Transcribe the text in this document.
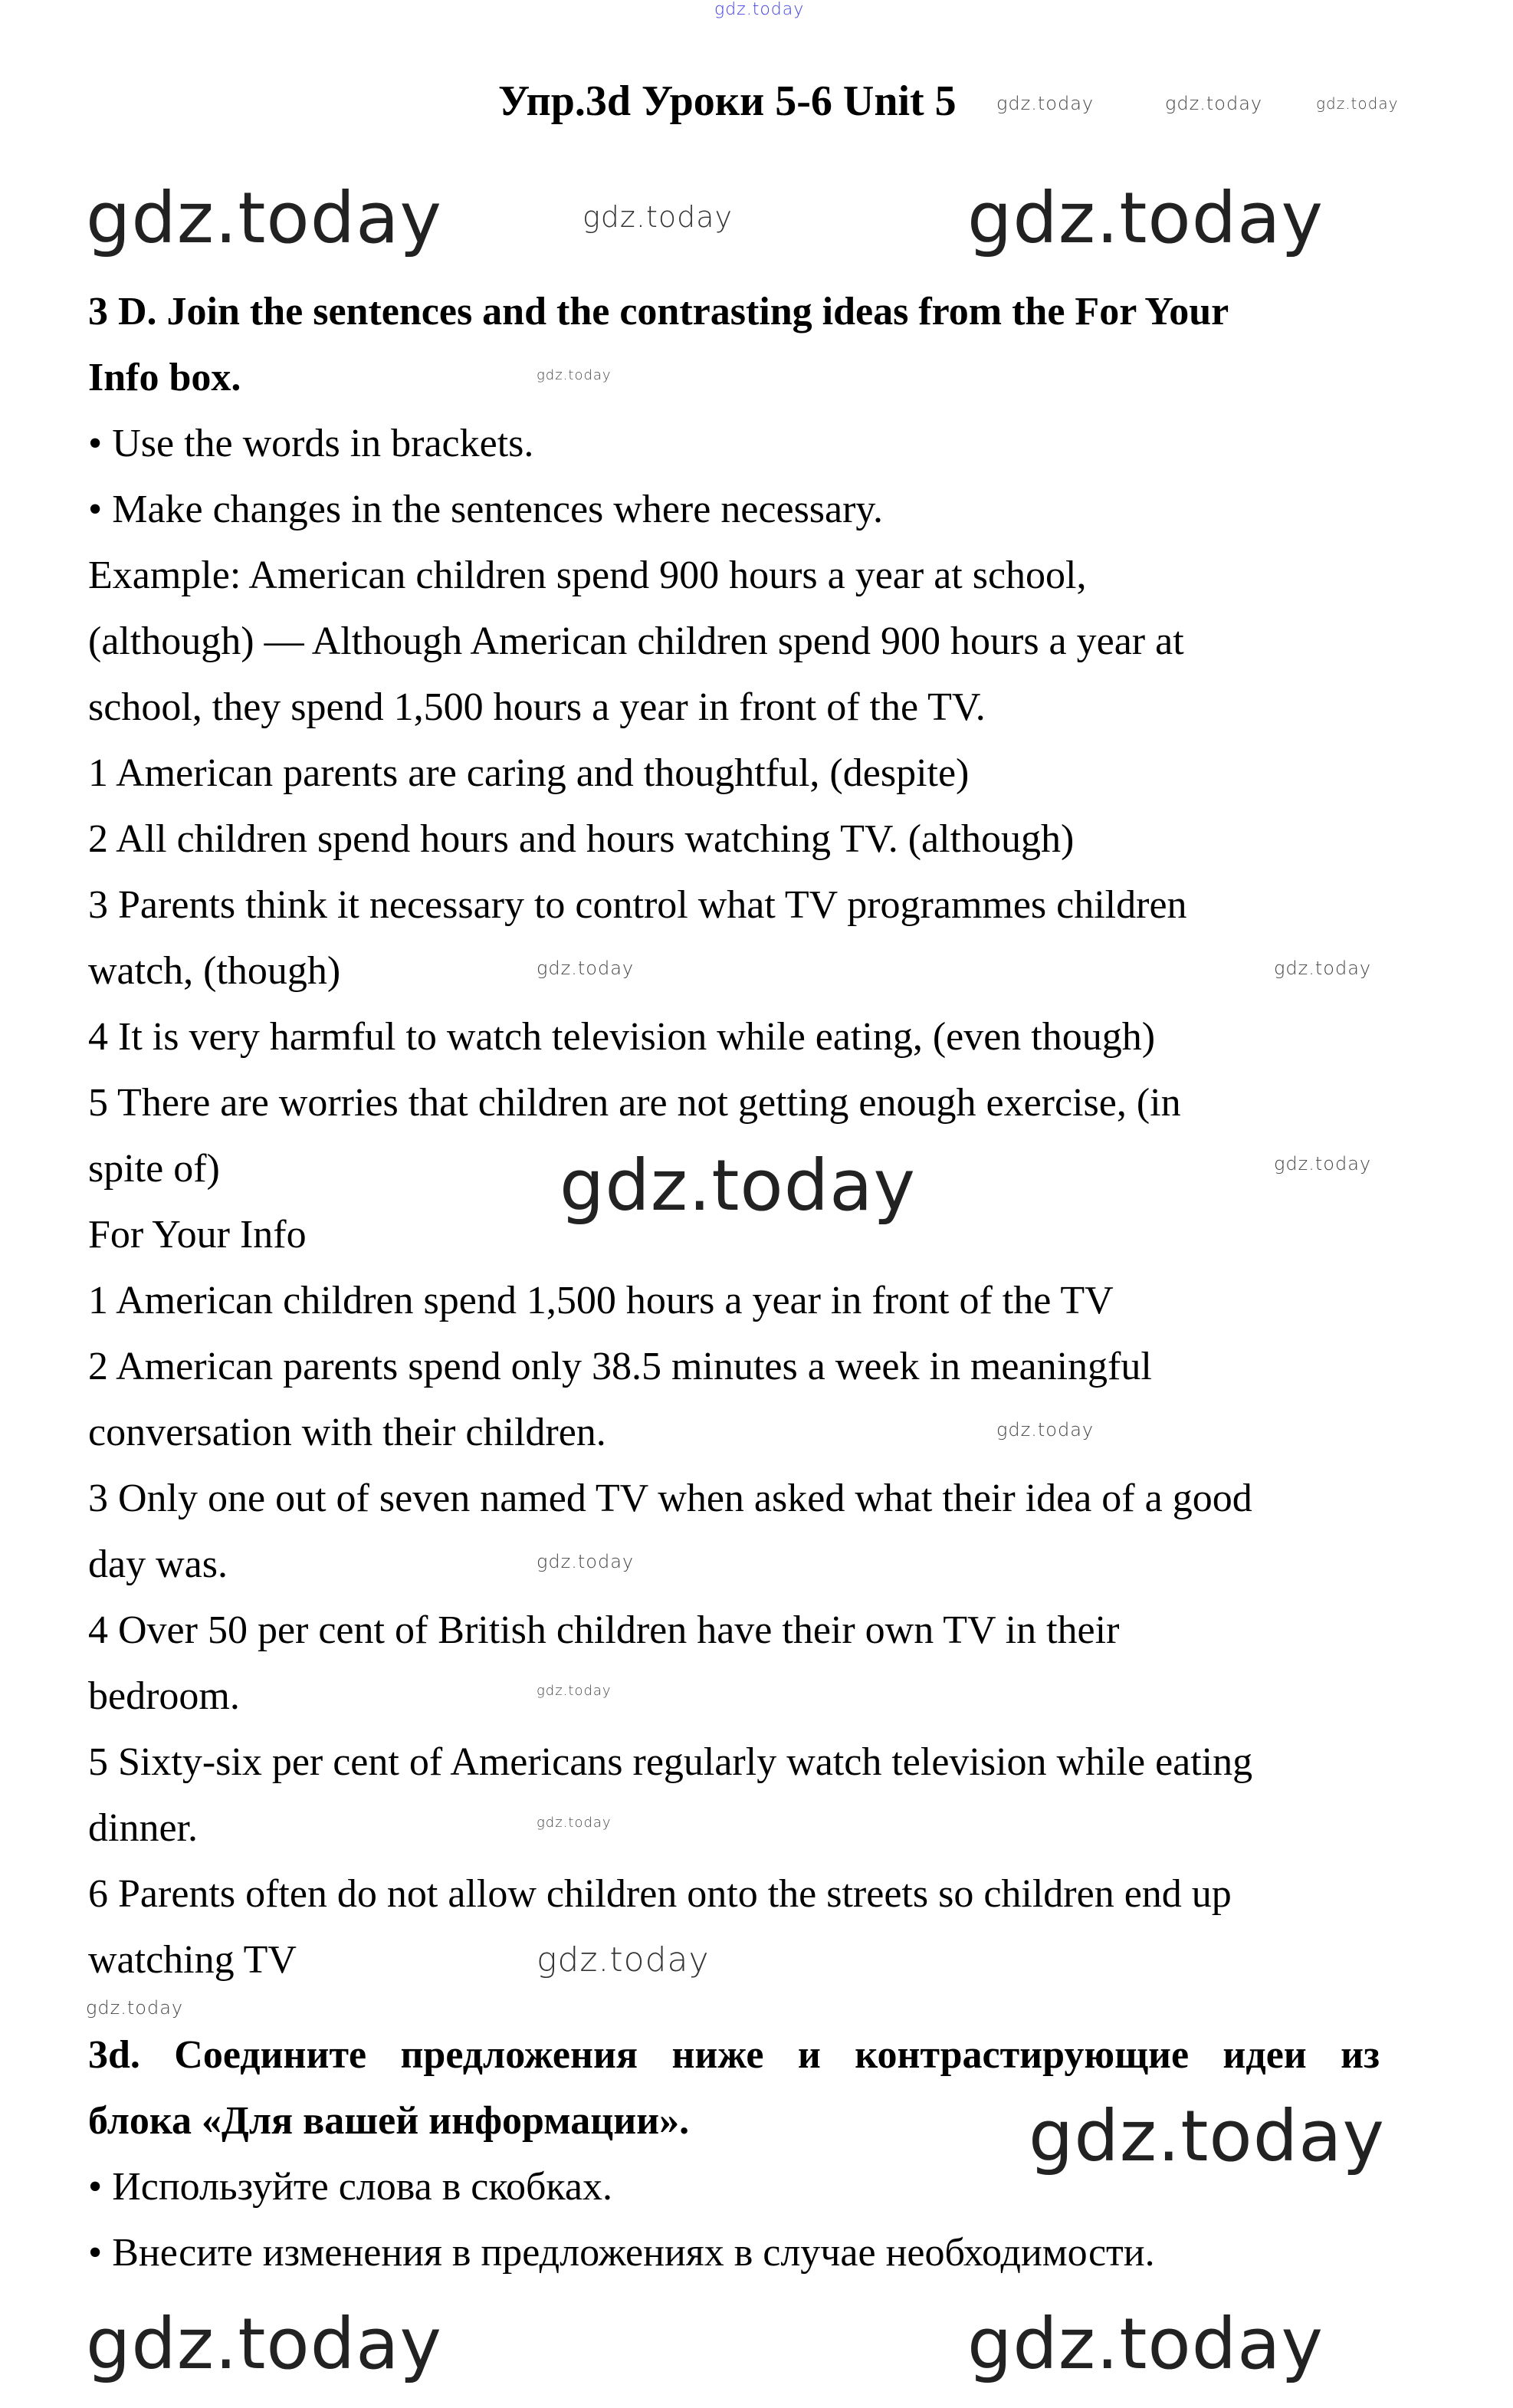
Упр.3d Уроки 5-6 Unit 5
3 D. Join the sentences and the contrasting ideas from the For Your
Info box.
• Use the words in brackets.
• Make changes in the sentences where necessary.
Example: American children spend 900 hours a year at school,
(although) — Although American children spend 900 hours a year at
school, they spend 1,500 hours a year in front of the TV.
1 American parents are caring and thoughtful, (despite)
2 All children spend hours and hours watching TV. (although)
3 Parents think it necessary to control what TV programmes children
watch, (though)
4 It is very harmful to watch television while eating, (even though)
5 There are worries that children are not getting enough exercise, (in
spite of)
For Your Info
1 American children spend 1,500 hours a year in front of the TV
2 American parents spend only 38.5 minutes a week in meaningful
conversation with their children.
3 Only one out of seven named TV when asked what their idea of a good
day was.
4 Over 50 per cent of British children have their own TV in their
bedroom.
5 Sixty-six per cent of Americans regularly watch television while eating
dinner.
6 Parents often do not allow children onto the streets so children end up
watching TV
3d. Соедините предложения ниже и контрастирующие идеи из
блока «Для вашей информации».
• Используйте слова в скобках.
• Внесите изменения в предложениях в случае необходимости.
gdz.today
gdz.today	gdz.today	gdz.today
gdz.today	gdz.today
gdz.today
gdz.today
gdz.today	gdz.today
gdz.today
gdz.today
gdz.today
gdz.today
gdz.today
gdz.today	gdz.today
gdz.today
gdz.today
gdz.today
gdz.today
